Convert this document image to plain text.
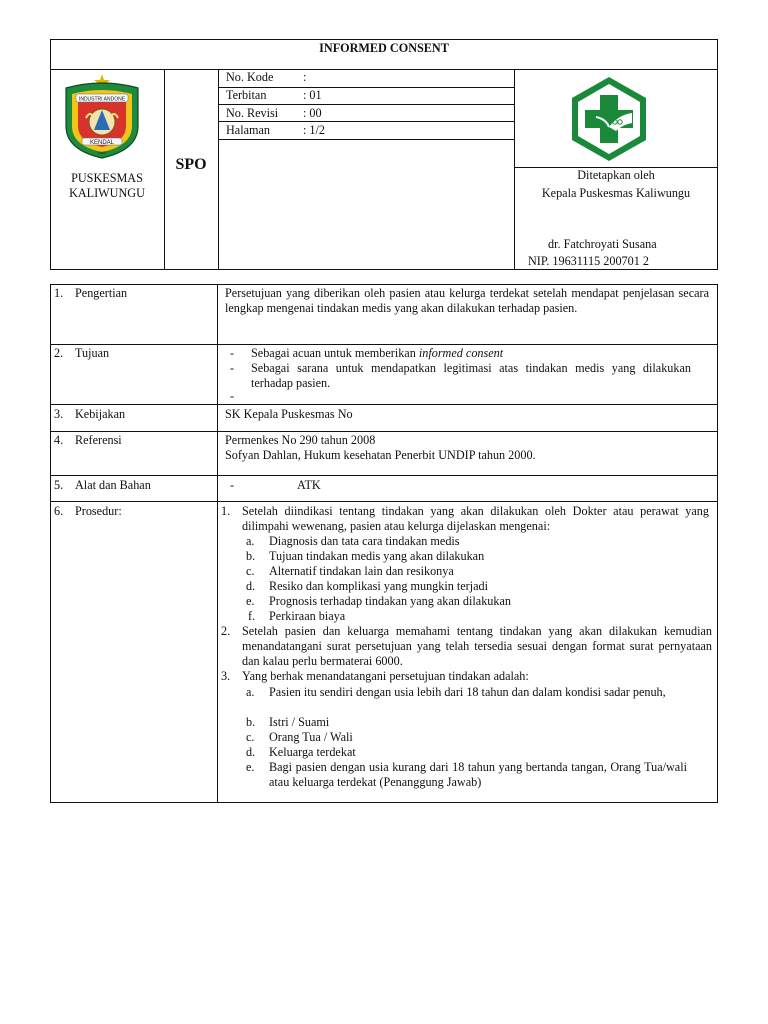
INFORMED CONSENT
INDUSTRI ANDONE
KENDAL
1605
PUSKESMAS
KALIWUNGU
SPO
No. Kode :
Terbitan	: 01
No. Revisi : 00
Halaman	: 1/2
Ditetapkan oleh
Kepala Puskesmas Kaliwungu
dr. Fatchroyati Susana
NIP. 19631115 200701 2
1. Pengertian	Persetujuan yang diberikan oleh pasien atau kelurga terdekat setelah mendapat penjelasan secara lengkap mengenai tindakan medis yang akan dilakukan terhadap pasien.
2. Tujuan	- Sebagai acuan untuk memberikan informed consent
- Sebagai sarana untuk mendapatkan legitimasi atas tindakan medis yang dilakukan terhadap pasien.
-
3. Kebijakan	SK Kepala Puskesmas No
4. Referensi	Permenkes No 290 tahun 2008
Sofyan Dahlan, Hukum kesehatan Penerbit UNDIP tahun 2000.
5. Alat dan Bahan	-	ATK
6. Prosedur:	1. Setelah diindikasi tentang tindakan yang akan dilakukan oleh Dokter atau perawat yang dilimpahi wewenang, pasien atau kelurga dijelaskan mengenai:
a. Diagnosis dan tata cara tindakan medis
b. Tujuan tindakan medis yang akan dilakukan
c. Alternatif tindakan lain dan resikonya
d. Resiko dan komplikasi yang mungkin terjadi
e. Prognosis terhadap tindakan yang akan dilakukan
f. Perkiraan biaya
2. Setelah pasien dan keluarga memahami tentang tindakan yang akan dilakukan kemudian menandatangani surat persetujuan yang telah tersedia sesuai dengan format surat pernyataan dan kalau perlu bermaterai 6000.
3. Yang berhak menandatangani persetujuan tindakan adalah:
a. Pasien itu sendiri dengan usia lebih dari 18 tahun dan dalam kondisi sadar penuh,
b. Istri / Suami
c. Orang Tua / Wali
d. Keluarga terdekat
e. Bagi pasien dengan usia kurang dari 18 tahun yang bertanda tangan, Orang Tua/wali atau keluarga terdekat (Penanggung Jawab)
